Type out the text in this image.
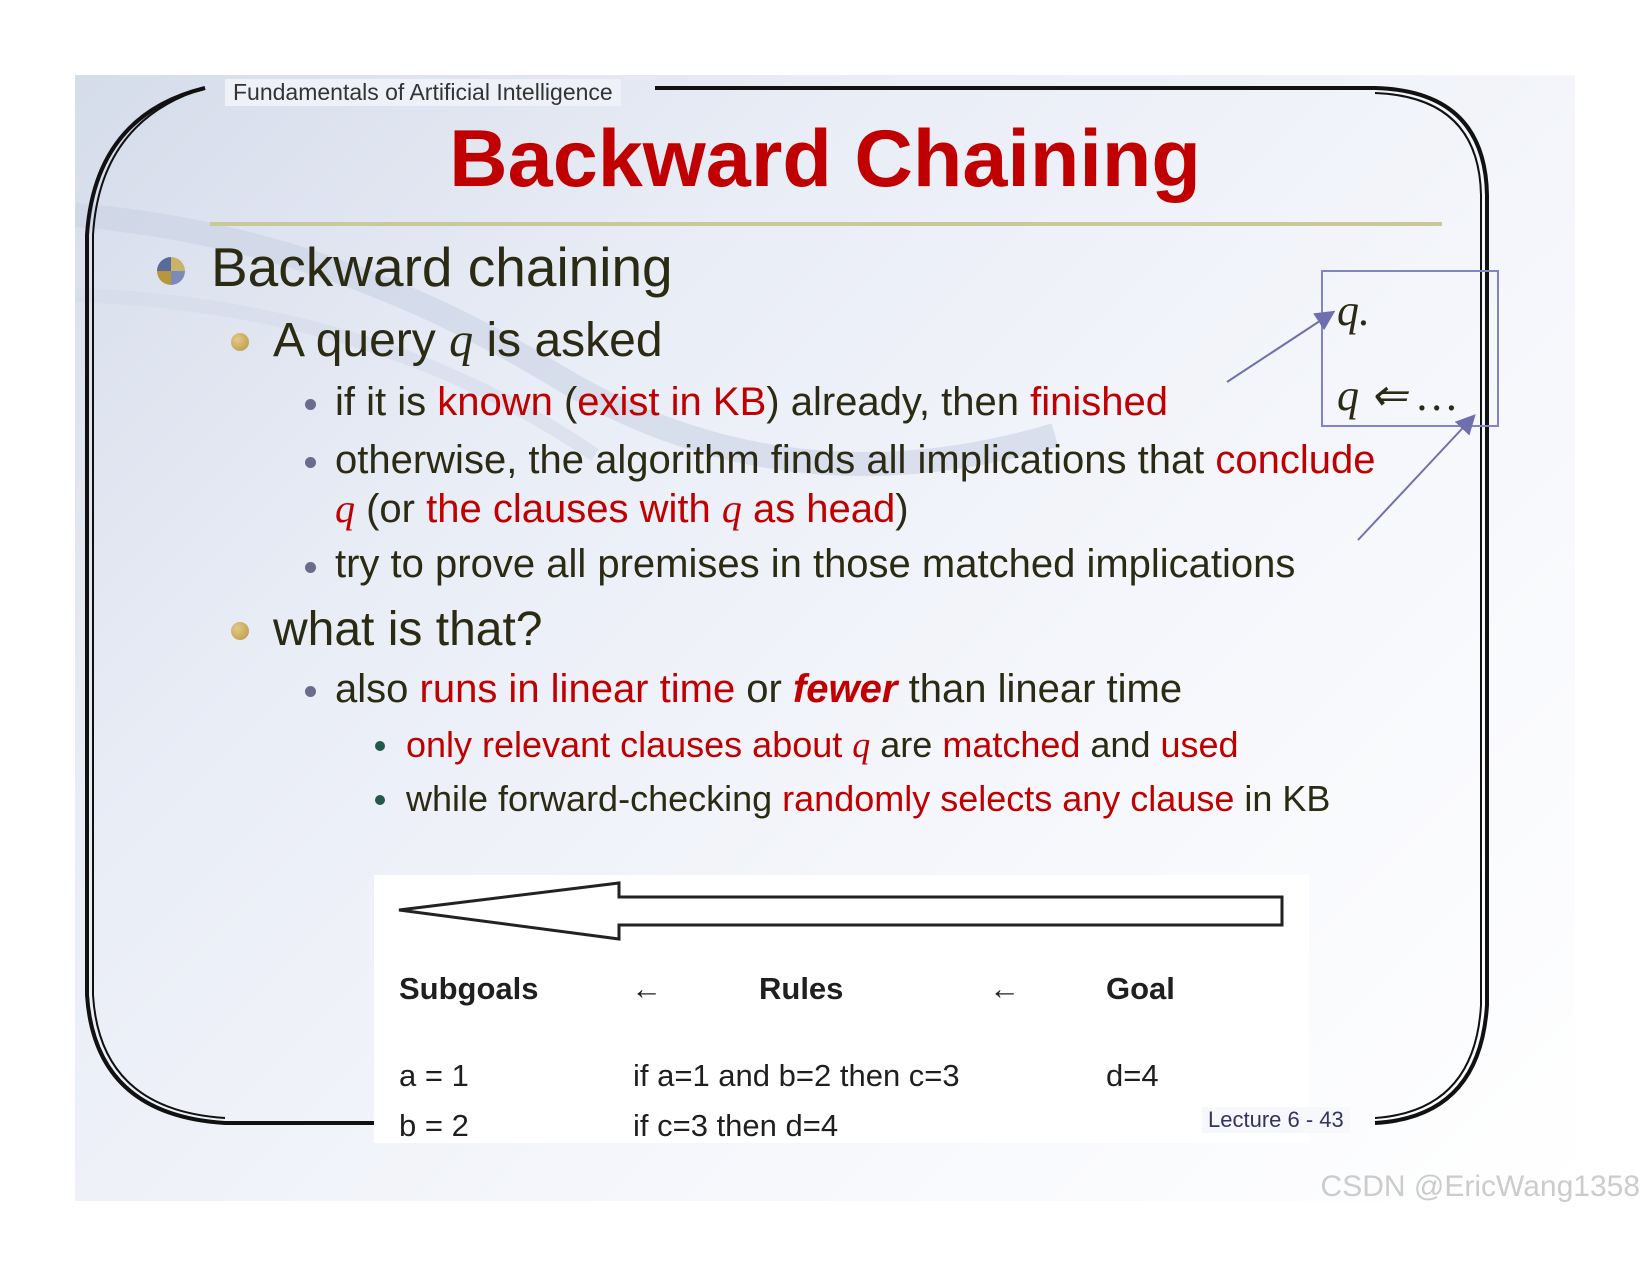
Fundamentals of Artificial Intelligence
Backward Chaining
Backward chaining
A query q is asked
if it is known (exist in KB) already, then finished
otherwise, the algorithm finds all implications that conclude
q (or the clauses with q as head)
try to prove all premises in those matched implications
what is that?
also runs in linear time or fewer than linear time
only relevant clauses about q are matched and used
while forward-checking randomly selects any clause in KB
q.
q ⇐ …
Subgoals	←	Rules	←	Goal
a = 1	if a=1 and b=2 then c=3	d=4
b = 2	if c=3 then d=4	Lecture 6 - 43
CSDN @EricWang1358
